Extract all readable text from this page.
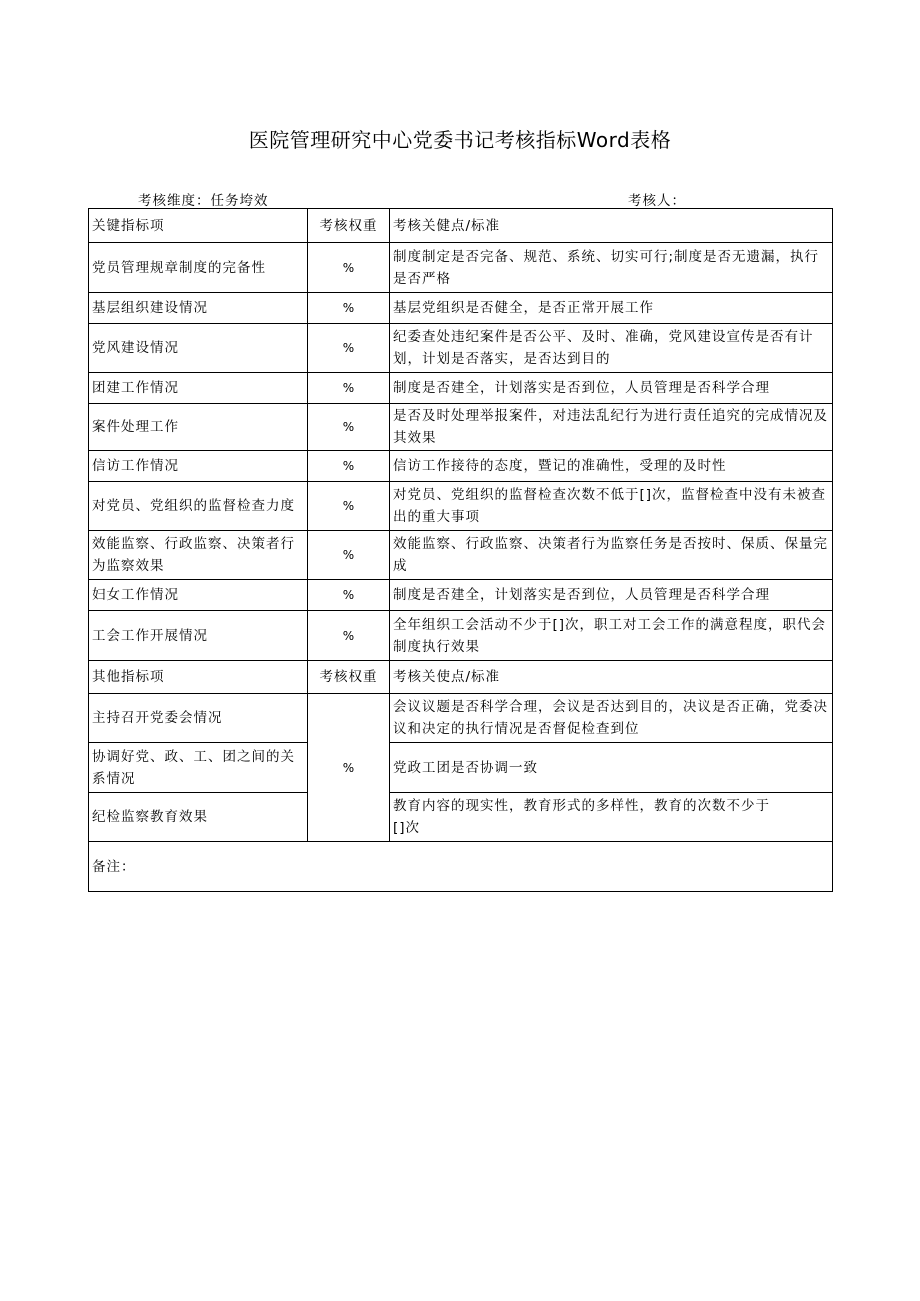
医院管理研究中心党委书记考核指标Word表格
考核维度：任务垮效	考核人：
关键指标项	考核权重	考核关健点/标准
党员管理规章制度的完备性	%	制度制定是否完备、规范、系统、切实可行;制度是否无遗漏，执行是否严格
基层组织建设情况	%	基层党组织是否健全，是否正常开展工作
党风建设情况	%	纪委查处违纪案件是否公平、及时、准确，党风建设宣传是否有计划，计划是否落实，是否达到目的
团建工作情况	%	制度是否建全，计划落实是否到位，人员管理是否科学合理
案件处理工作	%	是否及时处理举报案件，对违法乱纪行为进行责任追究的完成情况及其效果
信访工作情况	%	信访工作接待的态度，暨记的准确性，受理的及时性
对党员、党组织的监督检查力度	%	对党员、党组织的监督检查次数不低于[]次，监督检查中没有未被查出的重大事项
效能监察、行政监察、决策者行为监察效果	%	效能监察、行政监察、决策者行为监察任务是否按时、保质、保量完成
妇女工作情况	%	制度是否建全，计划落实是否到位，人员管理是否科学合理
工会工作开展情况	%	全年组织工会活动不少于[]次，职工对工会工作的满意程度，职代会制度执行效果
其他指标项	考核权重	考核关使点/标准
主持召开党委会情况	%	会议议题是否科学合理，会议是否达到目的，决议是否正确，党委决议和决定的执行情况是否督促检查到位
协调好党、政、工、团之间的关系情况		党政工团是否协调一致
纪检监察教育效果		教育内容的现实性，教育形式的多样性，教育的次数不少于
[]次
备注：		
